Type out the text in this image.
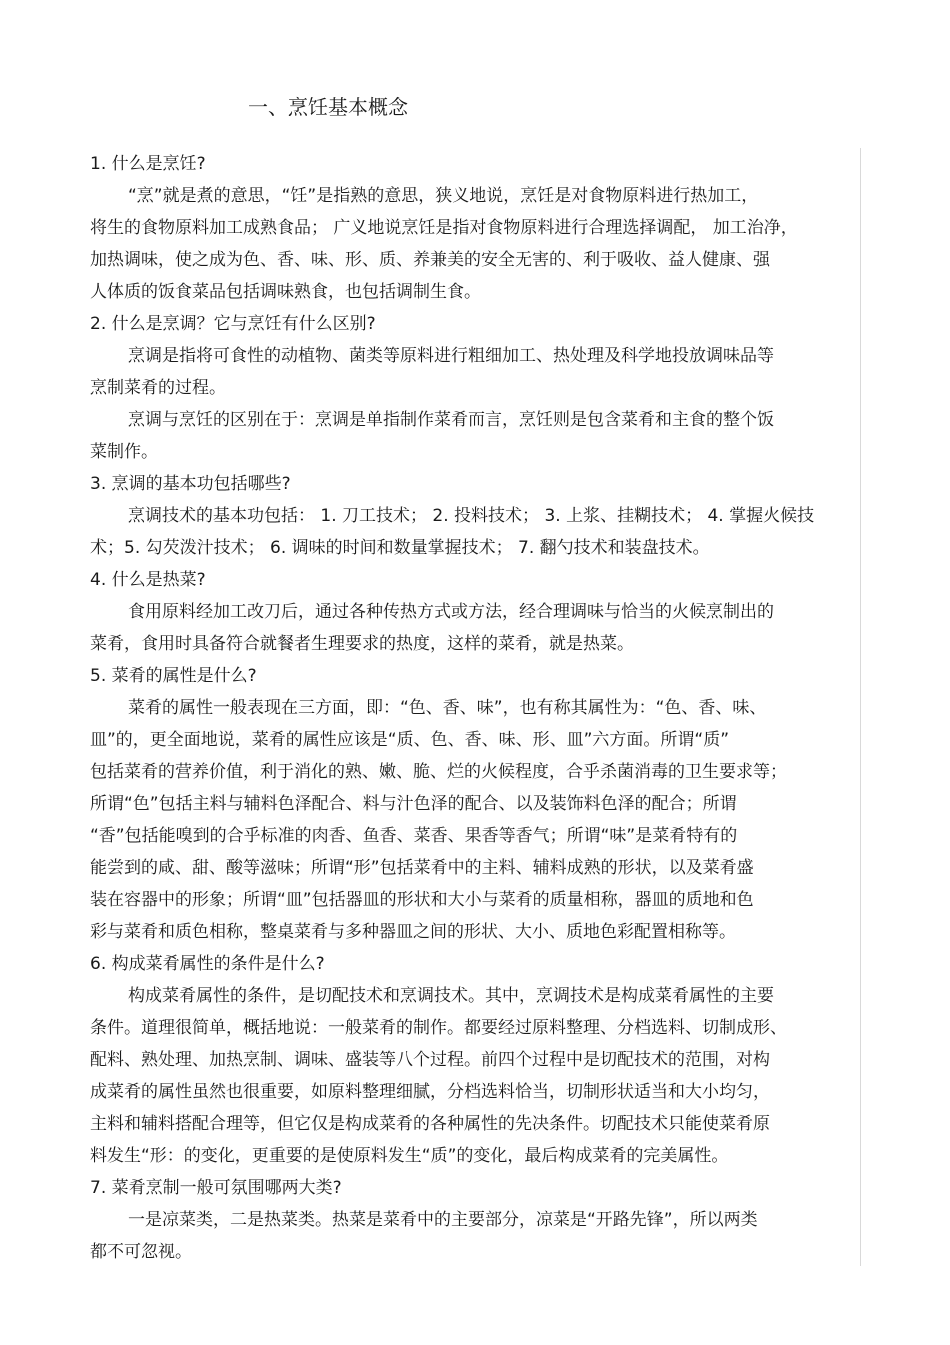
一、烹饪基本概念
1. 什么是烹饪?
“烹”就是煮的意思，“饪”是指熟的意思，狭义地说，烹饪是对食物原料进行热加工，
将生的食物原料加工成熟食品； 广义地说烹饪是指对食物原料进行合理选择调配， 加工治净，
加热调味，使之成为色、香、味、形、质、养兼美的安全无害的、利于吸收、益人健康、强
人体质的饭食菜品包括调味熟食，也包括调制生食。
2. 什么是烹调？它与烹饪有什么区别?
烹调是指将可食性的动植物、菌类等原料进行粗细加工、热处理及科学地投放调味品等
烹制菜肴的过程。
烹调与烹饪的区别在于：烹调是单指制作菜肴而言，烹饪则是包含菜肴和主食的整个饭
菜制作。
3. 烹调的基本功包括哪些?
烹调技术的基本功包括： 1. 刀工技术； 2. 投料技术； 3. 上浆、挂糊技术； 4. 掌握火候技
术；5. 勾芡泼汁技术； 6. 调味的时间和数量掌握技术； 7. 翻勺技术和装盘技术。
4. 什么是热菜?
食用原料经加工改刀后，通过各种传热方式或方法，经合理调味与恰当的火候烹制出的
菜肴，食用时具备符合就餐者生理要求的热度，这样的菜肴，就是热菜。
5. 菜肴的属性是什么?
菜肴的属性一般表现在三方面，即：“色、香、味”，也有称其属性为：“色、香、味、
皿”的，更全面地说，菜肴的属性应该是“质、色、香、味、形、皿”六方面。所谓“质”
包括菜肴的营养价值，利于消化的熟、嫩、脆、烂的火候程度，合乎杀菌消毒的卫生要求等；
所谓“色”包括主料与辅料色泽配合、料与汁色泽的配合、以及装饰料色泽的配合；所谓
“香”包括能嗅到的合乎标准的肉香、鱼香、菜香、果香等香气；所谓“味”是菜肴特有的
能尝到的咸、甜、酸等滋味；所谓“形”包括菜肴中的主料、辅料成熟的形状，以及菜肴盛
装在容器中的形象；所谓“皿”包括器皿的形状和大小与菜肴的质量相称，器皿的质地和色
彩与菜肴和质色相称，整桌菜肴与多种器皿之间的形状、大小、质地色彩配置相称等。
6. 构成菜肴属性的条件是什么?
构成菜肴属性的条件，是切配技术和烹调技术。其中，烹调技术是构成菜肴属性的主要
条件。道理很简单，概括地说：一般菜肴的制作。都要经过原料整理、分档选料、切制成形、
配料、熟处理、加热烹制、调味、盛装等八个过程。前四个过程中是切配技术的范围，对构
成菜肴的属性虽然也很重要，如原料整理细腻，分档选料恰当，切制形状适当和大小均匀，
主料和辅料搭配合理等，但它仅是构成菜肴的各种属性的先决条件。切配技术只能使菜肴原
料发生“形：的变化，更重要的是使原料发生“质”的变化，最后构成菜肴的完美属性。
7. 菜肴烹制一般可氛围哪两大类?
一是凉菜类，二是热菜类。热菜是菜肴中的主要部分，凉菜是“开路先锋”，所以两类
都不可忽视。
